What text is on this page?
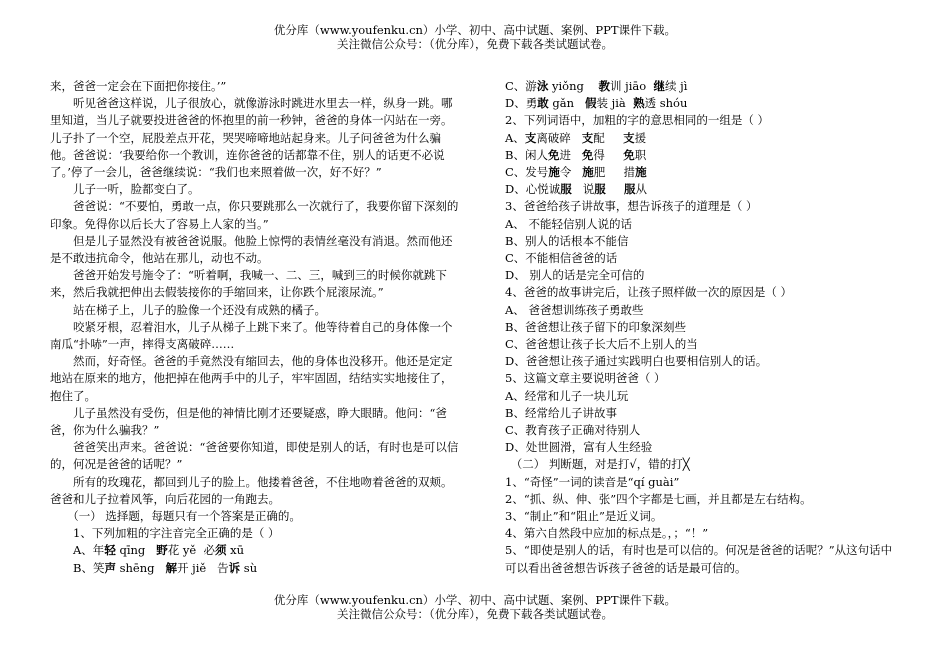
优分库（www.youfenku.cn）小学、初中、高中试题、案例、PPT课件下载。
关注微信公众号：（优分库），免费下载各类试题试卷。

来，爸爸一定会在下面把你接住。’”

听见爸爸这样说，儿子很放心，就像游泳时跳进水里去一样，纵身一跳。哪里知道，当儿子就要投进爸爸的怀抱里的前一秒钟，爸爸的身体一闪站在一旁。儿子扑了一个空，屁股差点开花，哭哭啼啼地站起身来。儿子问爸爸为什么骗他。爸爸说：‘我要给你一个教训，连你爸爸的话都靠不住，别人的话更不必说了。’停了一会儿，爸爸继续说：“我们也来照着做一次，好不好？”

儿子一听，脸都变白了。

爸爸说：“不要怕，勇敢一点，你只要跳那么一次就行了，我要你留下深刻的印象。免得你以后长大了容易上人家的当。”

但是儿子显然没有被爸爸说服。他脸上惊愕的表情丝毫没有消退。然而他还是不敢违抗命令，他站在那儿，动也不动。

爸爸开始发号施令了：“听着啊，我喊一、二、三，喊到三的时候你就跳下来，然后我就把伸出去假装接你的手缩回来，让你跌个屁滚尿流。”

站在梯子上，儿子的脸像一个还没有成熟的橘子。

咬紧牙根，忍着泪水，儿子从梯子上跳下来了。他等待着自己的身体像一个南瓜“扑哧”一声，摔得支离破碎……

然而，好奇怪。爸爸的手竟然没有缩回去，他的身体也没移开。他还是定定地站在原来的地方，他把掉在他两手中的儿子，牢牢固固，结结实实地接住了，抱住了。

儿子虽然没有受伤，但是他的神情比刚才还要疑惑，睁大眼睛。他问：“爸爸，你为什么骗我？”

爸爸笑出声来。爸爸说：“爸爸要你知道，即使是别人的话，有时也是可以信的，何况是爸爸的话呢？”

所有的玫瑰花，都回到儿子的脸上。他搂着爸爸，不住地吻着爸爸的双颊。爸爸和儿子拉着风筝，向后花园的一角跑去。

（一） 选择题，每题只有一个答案是正确的。

1、下列加粗的字注音完全正确的是（ ）

A、年轻 qīng   野花 yě  必须 xū

B、笑声 shēng   解开 jiě   告诉 sù

C、游泳 yiǒng    教训 jiāo  继续 jì

D、勇敢 gǎn   假装 jià  熟透 shóu

2、下列词语中，加粗的字的意思相同的一组是（ ）

A、支离破碎   支配     支援

B、闲人免进   免得     免职

C、发号施令   施肥     措施

D、心悦诚服   说服 服从

3、爸爸给孩子讲故事，想告诉孩子的道理是（ ）

A、 不能轻信别人说的话

B、别人的话根本不能信

C、不能相信爸爸的话

D、 别人的话是完全可信的

4、爸爸的故事讲完后，让孩子照样做一次的原因是（ ）

A、 爸爸想训练孩子勇敢些

B、爸爸想让孩子留下的印象深刻些

C、爸爸想让孩子长大后不上别人的当

D、爸爸想让孩子通过实践明白也要相信别人的话。

5、这篇文章主要说明爸爸（ ）

A、经常和儿子一块儿玩

B、经常给儿子讲故事

C、教育孩子正确对待别人

D、处世圆滑，富有人生经验

（二） 判断题，对是打√，错的打╳

1、“奇怪”一词的读音是“qí guài”

2、“抓、纵、伸、张”四个字都是七画，并且都是左右结构。

3、“制止”和“阻止”是近义词。

4、第六自然段中应加的标点是。，；“！”

5、“即使是别人的话，有时也是可以信的。何况是爸爸的话呢？”从这句话中可以看出爸爸想告诉孩子爸爸的话是最可信的。

优分库（www.youfenku.cn）小学、初中、高中试题、案例、PPT课件下载。
关注微信公众号：（优分库），免费下载各类试题试卷。
